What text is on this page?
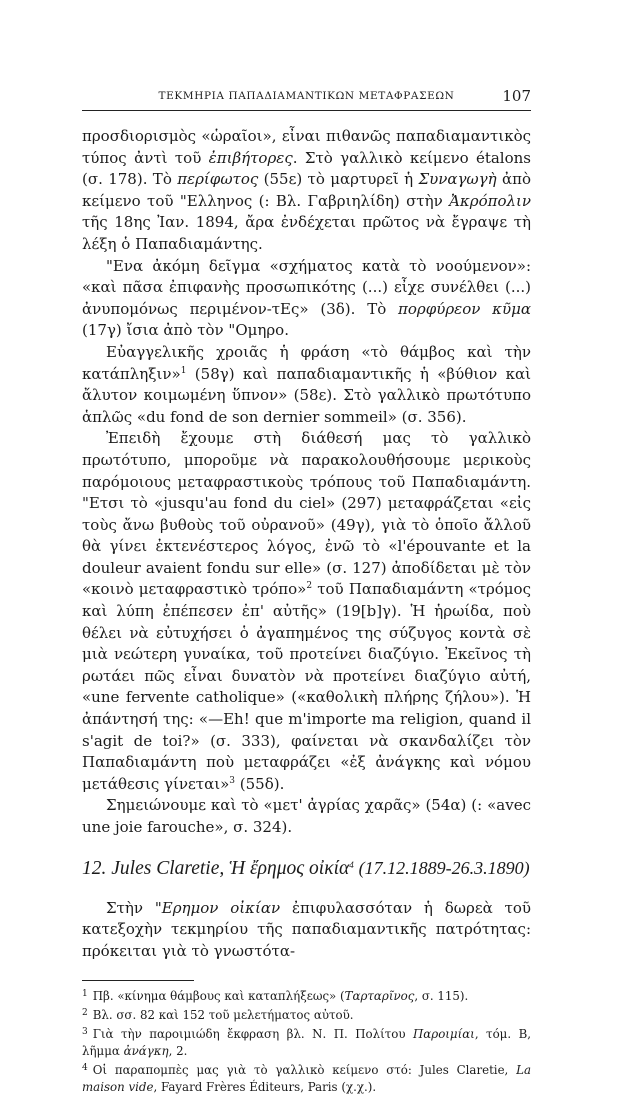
ΤΕΚΜΗΡΙΑ ΠΑΠΑΔΙΑΜΑΝΤΙΚΩΝ ΜΕΤΑΦΡΑΣΕΩΝ	107

προσδιορισμὸς «ὡραῖοι», εἶναι πιθανῶς παπαδιαμαντικὸς τύπος ἀντὶ τοῦ ἐπιβήτορες. Στὸ γαλλικὸ κείμενο étalons (σ. 178). Τὸ περίφωτος (55ε) τὸ μαρτυρεῖ ἡ Συναγωγὴ ἀπὸ κείμενο τοῦ "Ελληνος (: Βλ. Γαβριηλίδη) στὴν Ἀκρόπολιν τῆς 18ης Ἰαν. 1894, ἄρα ἐνδέχεται πρῶτος νὰ ἔγραψε τὴ λέξη ὁ Παπαδιαμάντης.

"Ενα ἀκόμη δεῖγμα «σχήματος κατὰ τὸ νοούμενον»: «καὶ πᾶσα ἐπιφανὴς προσωπικότης (...) εἶχε συνέλθει (...) ἀνυπομόνως περιμένον-τΕς» (3δ). Τὸ πορφύρεον κῦμα (17γ) ἴσια ἀπὸ τὸν "Ομηρο.

Εὐαγγελικῆς χροιᾶς ἡ φράση «τὸ θάμβος καὶ τὴν κατάπληξιν»$^1$ (58γ) καὶ παπαδιαμαντικῆς ἡ «βύθιον καὶ ἄλυτον κοιμωμένη ὕπνον» (58ε). Στὸ γαλλικὸ πρωτότυπο ἁπλῶς «du fond de son dernier sommeil» (σ. 356).

Ἐπειδὴ ἔχουμε στὴ διάθεσή μας τὸ γαλλικὸ πρωτότυπο, μποροῦμε νὰ παρακολουθήσουμε μερικοὺς παρόμοιους μεταφραστικοὺς τρόπους τοῦ Παπαδιαμάντη. "Ετσι τὸ «jusqu'au fond du ciel» (297) μεταφράζεται «εἰς τοὺς ἄνω βυθοὺς τοῦ οὐρανοῦ» (49γ), γιὰ τὸ ὁποῖο ἄλλοῦ θὰ γίνει ἐκτενέστερος λόγος, ἐνῶ τὸ «l'épouvante et la douleur avaient fondu sur elle» (σ. 127) ἀποδίδεται μὲ τὸν «κοινὸ μεταφραστικὸ τρόπο»$^2$ τοῦ Παπαδιαμάντη «τρόμος καὶ λύπη ἐπέπεσεν ἐπ' αὐτῆς» (19[b]γ). Ἡ ἡρωίδα, ποὺ θέλει νὰ εὐτυχήσει ὁ ἀγαπημένος της σύζυγος κοντὰ σὲ μιὰ νεώτερη γυναίκα, τοῦ προτείνει διαζύγιο. Ἐκεῖνος τὴ ρωτάει πῶς εἶναι δυνατὸν νὰ προτείνει διαζύγιο αὐτή, «une fervente catholique» («καθολικὴ πλήρης ζήλου»). Ἡ ἀπάντησή της: «—Eh! que m'importe ma religion, quand il s'agit de toi?» (σ. 333), φαίνεται νὰ σκανδαλίζει τὸν Παπαδιαμάντη ποὺ μεταφράζει «ἐξ ἀνάγκης καὶ νόμου μετάθεσις γίνεται»$^3$ (55δ).

Σημειώνουμε καὶ τὸ «μετ' ἀγρίας χαρᾶς» (54α) (: «avec une joie farouche», σ. 324).

12. Jules Claretie, Ἡ ἔρημος οἰκία$^4$ (17.12.1889-26.3.1890)

Στὴν "Ερημον οἰκίαν ἐπιφυλασσόταν ἡ δωρεὰ τοῦ κατεξοχὴν τεκμηρίου τῆς παπαδιαμαντικῆς πατρότητας: πρόκειται γιὰ τὸ γνωστότα-

$^1$ Πβ. «κίνημα θάμβους καὶ καταπλήξεως» (Ταρταρῖνος, σ. 115).

$^2$ Βλ. σσ. 82 καὶ 152 τοῦ μελετήματος αὐτοῦ.

$^3$ Γιὰ τὴν παροιμιώδη ἔκφραση βλ. Ν. Π. Πολίτου Παροιμίαι, τόμ. Β, λῆμμα ἀνάγκη, 2.

$^4$ Οἱ παραπομπὲς μας γιὰ τὸ γαλλικὸ κείμενο στό: Jules Claretie, La maison vide, Fayard Frères Éditeurs, Paris (χ.χ.).
